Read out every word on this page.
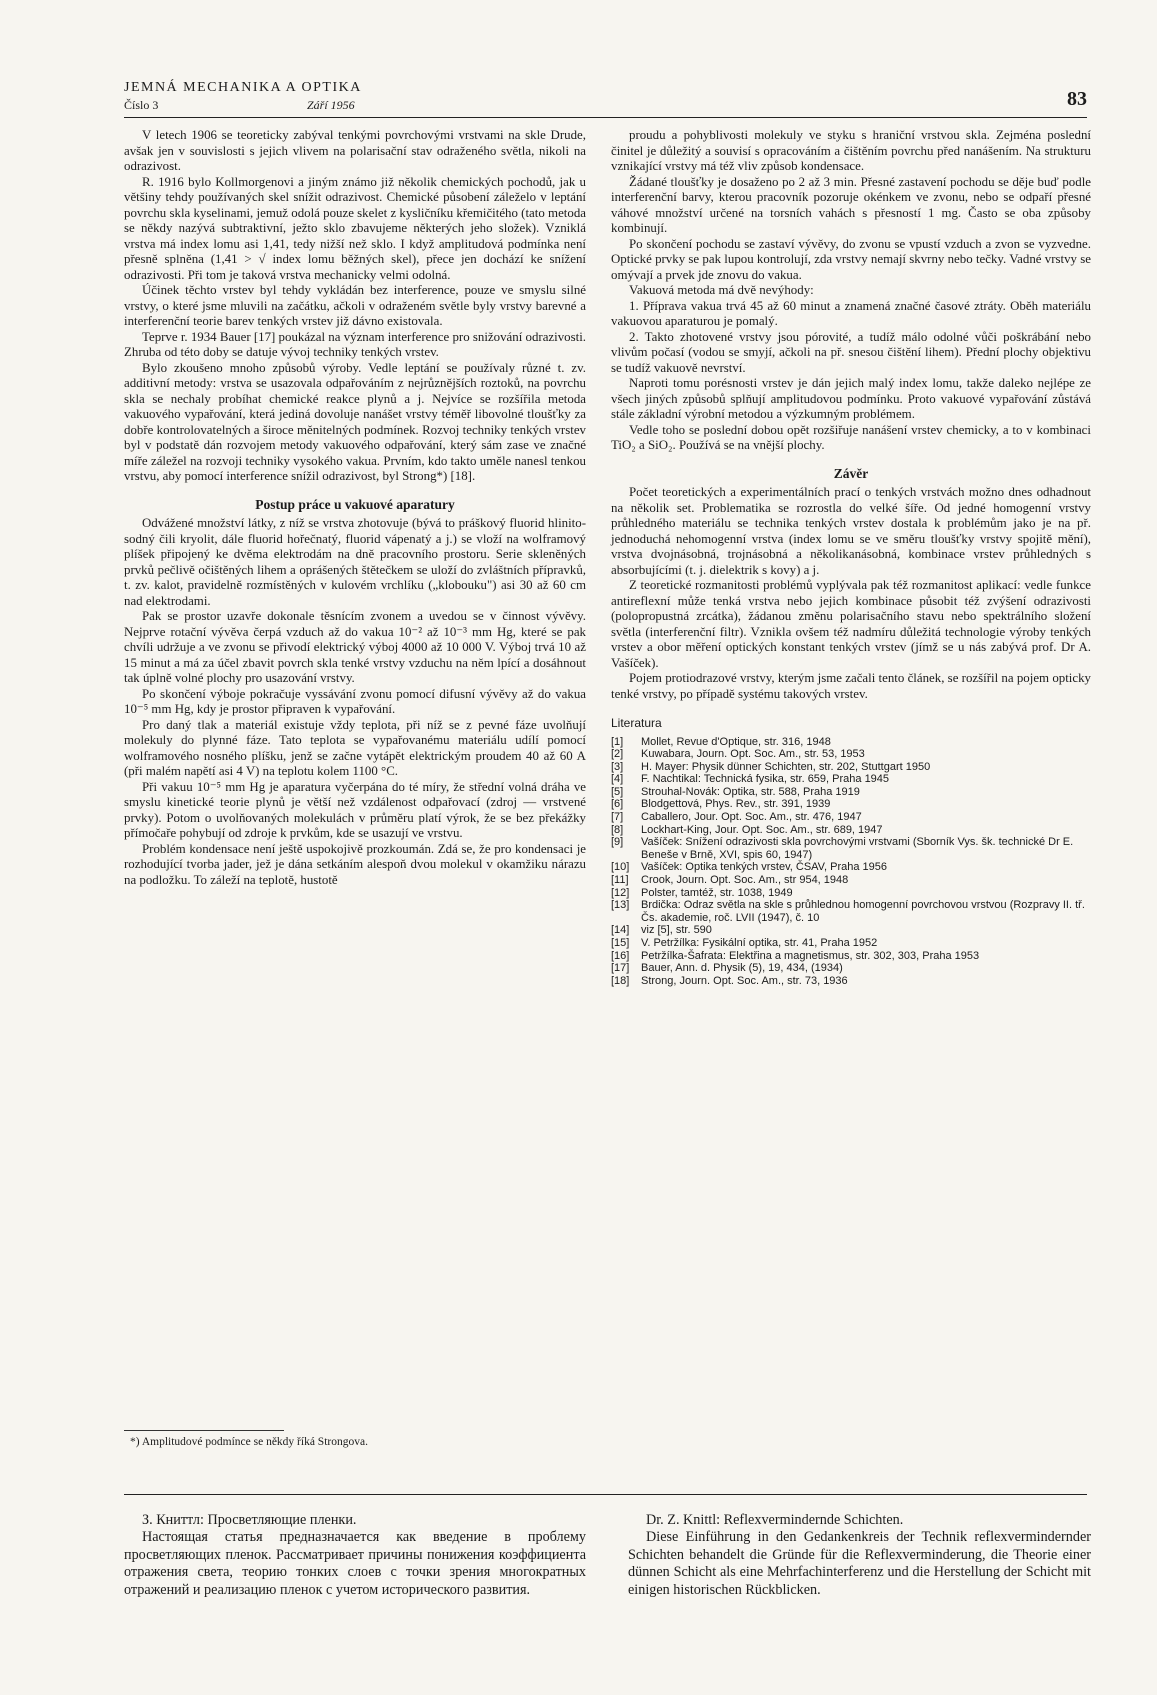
JEMNÁ MECHANIKA A OPTIKA
Číslo 3	Září 1956	83

V letech 1906 se teoreticky zabýval tenkými povrchovými vrstvami na skle Drude, avšak jen v souvislosti s jejich vlivem na polarisační stav odraženého světla, nikoli na odrazivost.

R. 1916 bylo Kollmorgenovi a jiným známo již několik chemických pochodů, jak u většiny tehdy používaných skel snížit odrazivost. Chemické působení záleželo v leptání povrchu skla kyselinami, jemuž odolá pouze skelet z kysličníku křemičitého (tato metoda se někdy nazývá subtraktivní, ježto sklo zbavujeme některých jeho složek). Vzniklá vrstva má index lomu asi 1,41, tedy nižší než sklo. I když amplitudová podmínka není přesně splněna (1,41 > √ index lomu běžných skel), přece jen dochází ke snížení odrazivosti. Při tom je taková vrstva mechanicky velmi odolná.

Účinek těchto vrstev byl tehdy vykládán bez interference, pouze ve smyslu silné vrstvy, o které jsme mluvili na začátku, ačkoli v odraženém světle byly vrstvy barevné a interferenční teorie barev tenkých vrstev již dávno existovala.

Teprve r. 1934 Bauer [17] poukázal na význam interference pro snižování odrazivosti. Zhruba od této doby se datuje vývoj techniky tenkých vrstev.

Bylo zkoušeno mnoho způsobů výroby. Vedle leptání se používaly různé t. zv. additivní metody: vrstva se usazovala odpařováním z nejrůznějších roztoků, na povrchu skla se nechaly probíhat chemické reakce plynů a j. Nejvíce se rozšířila metoda vakuového vypařování, která jediná dovoluje nanášet vrstvy téměř libovolné tloušťky za dobře kontrolovatelných a široce měnitelných podmínek. Rozvoj techniky tenkých vrstev byl v podstatě dán rozvojem metody vakuového odpařování, který sám zase ve značné míře záležel na rozvoji techniky vysokého vakua. Prvním, kdo takto uměle nanesl tenkou vrstvu, aby pomocí interference snížil odrazivost, byl Strong*) [18].

Postup práce u vakuové aparatury

Odvážené množství látky, z níž se vrstva zhotovuje (bývá to práškový fluorid hlinito-sodný čili kryolit, dále fluorid hořečnatý, fluorid vápenatý a j.) se vloží na wolframový plíšek připojený ke dvěma elektrodám na dně pracovního prostoru. Serie skleněných prvků pečlivě očištěných lihem a oprášených štětečkem se uloží do zvláštních přípravků, t. zv. kalot, pravidelně rozmístěných v kulovém vrchlíku („klobouku") asi 30 až 60 cm nad elektrodami.

Pak se prostor uzavře dokonale těsnícím zvonem a uvedou se v činnost vývěvy. Nejprve rotační vývěva čerpá vzduch až do vakua 10⁻² až 10⁻³ mm Hg, které se pak chvíli udržuje a ve zvonu se přivodí elektrický výboj 4000 až 10 000 V. Výboj trvá 10 až 15 minut a má za účel zbavit povrch skla tenké vrstvy vzduchu na něm lpící a dosáhnout tak úplně volné plochy pro usazování vrstvy.

Po skončení výboje pokračuje vyssávání zvonu pomocí difusní vývěvy až do vakua 10⁻⁵ mm Hg, kdy je prostor připraven k vypařování.

Pro daný tlak a materiál existuje vždy teplota, při níž se z pevné fáze uvolňují molekuly do plynné fáze. Tato teplota se vypařovanému materiálu udílí pomocí wolframového nosného plíšku, jenž se začne vytápět elektrickým proudem 40 až 60 A (při malém napětí asi 4 V) na teplotu kolem 1100 °C.

Při vakuu 10⁻⁵ mm Hg je aparatura vyčerpána do té míry, že střední volná dráha ve smyslu kinetické teorie plynů je větší než vzdálenost odpařovací (zdroj — vrstvené prvky). Potom o uvolňovaných molekulách v průměru platí výrok, že se bez překážky přímočaře pohybují od zdroje k prvkům, kde se usazují ve vrstvu.

Problém kondensace není ještě uspokojivě prozkoumán. Zdá se, že pro kondensaci je rozhodující tvorba jader, jež je dána setkáním alespoň dvou molekul v okamžiku nárazu na podložku. To záleží na teplotě, hustotě

*) Amplitudové podmínce se někdy říká Strongova.

proudu a pohyblivosti molekuly ve styku s hraniční vrstvou skla. Zejména poslední činitel je důležitý a souvisí s opracováním a čištěním povrchu před nanášením. Na strukturu vznikající vrstvy má též vliv způsob kondensace.

Žádané tloušťky je dosaženo po 2 až 3 min. Přesné zastavení pochodu se děje buď podle interferenční barvy, kterou pracovník pozoruje okénkem ve zvonu, nebo se odpaří přesné váhové množství určené na torsních vahách s přesností 1 mg. Často se oba způsoby kombinují.

Po skončení pochodu se zastaví vývěvy, do zvonu se vpustí vzduch a zvon se vyzvedne. Optické prvky se pak lupou kontrolují, zda vrstvy nemají skvrny nebo tečky. Vadné vrstvy se omývají a prvek jde znovu do vakua.

Vakuová metoda má dvě nevýhody:

1. Příprava vakua trvá 45 až 60 minut a znamená značné časové ztráty. Oběh materiálu vakuovou aparaturou je pomalý.

2. Takto zhotovené vrstvy jsou pórovité, a tudíž málo odolné vůči poškrábání nebo vlivům počasí (vodou se smyjí, ačkoli na př. snesou čištění lihem). Přední plochy objektivu se tudíž vakuově nevrství.

Naproti tomu porésnosti vrstev je dán jejich malý index lomu, takže daleko nejlépe ze všech jiných způsobů splňují amplitudovou podmínku. Proto vakuové vypařování zůstává stále základní výrobní metodou a výzkumným problémem.

Vedle toho se poslední dobou opět rozšiřuje nanášení vrstev chemicky, a to v kombinaci TiO₂ a SiO₂. Používá se na vnější plochy.

Závěr

Počet teoretických a experimentálních prací o tenkých vrstvách možno dnes odhadnout na několik set. Problematika se rozrostla do velké šíře. Od jedné homogenní vrstvy průhledného materiálu se technika tenkých vrstev dostala k problémům jako je na př. jednoduchá nehomogenní vrstva (index lomu se ve směru tloušťky vrstvy spojitě mění), vrstva dvojnásobná, trojnásobná a několikanásobná, kombinace vrstev průhledných s absorbujícími (t. j. dielektrik s kovy) a j.

Z teoretické rozmanitosti problémů vyplývala pak též rozmanitost aplikací: vedle funkce antireflexní může tenká vrstva nebo jejich kombinace působit též zvýšení odrazivosti (polopropustná zrcátka), žádanou změnu polarisačního stavu nebo spektrálního složení světla (interferenční filtr). Vznikla ovšem též nadmíru důležitá technologie výroby tenkých vrstev a obor měření optických konstant tenkých vrstev (jímž se u nás zabývá prof. Dr A. Vašíček).

Pojem protiodrazové vrstvy, kterým jsme začali tento článek, se rozšířil na pojem opticky tenké vrstvy, po případě systému takových vrstev.

Literatura

[1]	Mollet, Revue d'Optique, str. 316, 1948
[2]	Kuwabara, Journ. Opt. Soc. Am., str. 53, 1953
[3]	H. Mayer: Physik dünner Schichten, str. 202, Stuttgart 1950
[4]	F. Nachtikal: Technická fysika, str. 659, Praha 1945
[5]	Strouhal-Novák: Optika, str. 588, Praha 1919
[6]	Blodgettová, Phys. Rev., str. 391, 1939
[7]	Caballero, Jour. Opt. Soc. Am., str. 476, 1947
[8]	Lockhart-King, Jour. Opt. Soc. Am., str. 689, 1947
[9]	Vašíček: Snížení odrazivosti skla povrchovými vrstvami (Sborník Vys. šk. technické Dr E. Beneše v Brně, XVI, spis 60, 1947)
[10]	Vašíček: Optika tenkých vrstev, ČSAV, Praha 1956
[11]	Crook, Journ. Opt. Soc. Am., str 954, 1948
[12]	Polster, tamtéž, str. 1038, 1949
[13]	Brdička: Odraz světla na skle s průhlednou homogenní povrchovou vrstvou (Rozpravy II. tř. Čs. akademie, roč. LVII (1947), č. 10
[14]	viz [5], str. 590
[15]	V. Petržílka: Fysikální optika, str. 41, Praha 1952
[16]	Petržílka-Šafrata: Elektřina a magnetismus, str. 302, 303, Praha 1953
[17]	Bauer, Ann. d. Physik (5), 19, 434, (1934)
[18]	Strong, Journ. Opt. Soc. Am., str. 73, 1936

З. Книттл: Просветляющие пленки.

Настоящая статья предназначается как введение в проблему просветляющих пленок. Рассматривает причины понижения коэффициента отражения света, теорию тонких слоев с точки зрения многократных отражений и реализацию пленок с учетом исторического развития.

Dr. Z. Knittl: Reflexvermindernde Schichten.

Diese Einführung in den Gedankenkreis der Technik reflexvermindernder Schichten behandelt die Gründe für die Reflexverminderung, die Theorie einer dünnen Schicht als eine Mehrfachinterferenz und die Herstellung der Schicht mit einigen historischen Rückblicken.
